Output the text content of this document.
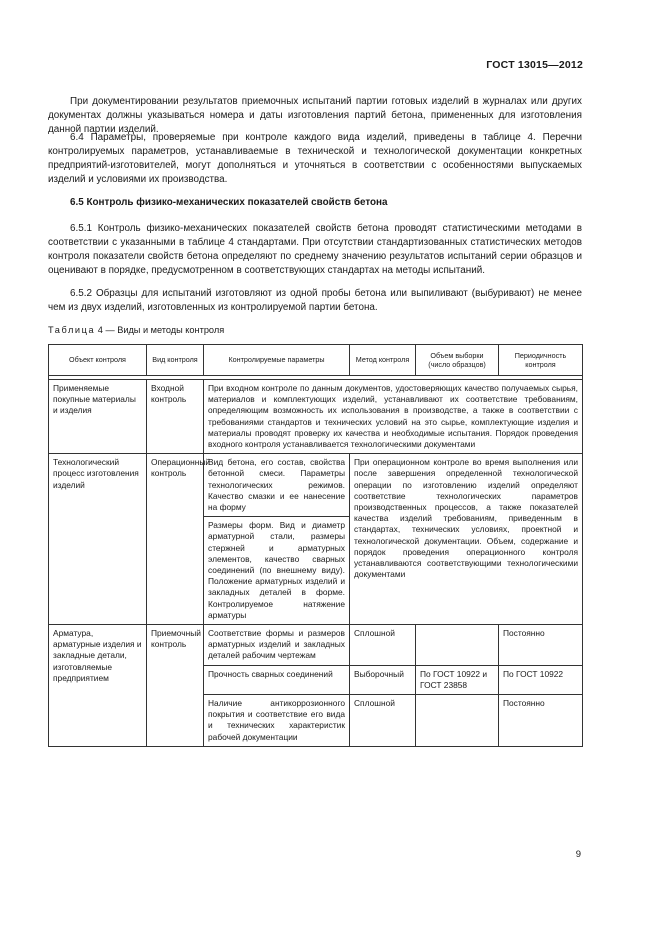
ГОСТ 13015—2012

При документировании результатов приемочных испытаний партии готовых изделий в журналах или других документах должны указываться номера и даты изготовления партий бетона, примененных для изготовления данной партии изделий.

6.4 Параметры, проверяемые при контроле каждого вида изделий, приведены в таблице 4. Перечни контролируемых параметров, устанавливаемые в технической и технологической документации конкретных предприятий-изготовителей, могут дополняться и уточняться в соответствии с особенностями выпускаемых изделий и условиями их производства.

6.5 Контроль физико-механических показателей свойств бетона

6.5.1 Контроль физико-механических показателей свойств бетона проводят статистическими методами в соответствии с указанными в таблице 4 стандартами. При отсутствии стандартизованных статистических методов контроля показатели свойств бетона определяют по среднему значению результатов испытаний серии образцов и оценивают в порядке, предусмотренном в соответствующих стандартах на методы испытаний.

6.5.2 Образцы для испытаний изготовляют из одной пробы бетона или выпиливают (выбуривают) не менее чем из двух изделий, изготовленных из контролируемой партии бетона.

Таблица 4 — Виды и методы контроля
Объект контроля	Вид контроля	Контролируемые параметры	Метод контроля	Объем выборки (число образцов)	Периодичность контроля

Применяемые покупные материалы и изделия	Входной контроль	При входном контроле по данным документов, удостоверяющих качество получаемых сырья, материалов и комплектующих изделий, устанавливают их соответствие требованиям, определяющим возможность их использования в производстве, а также в соответствии с требованиями стандартов и технических условий на это сырье, комплектующие изделия и материалы проводят проверку их качества и необходимые испытания. Порядок проведения входного контроля устанавливается технологическими документами			
Технологический процесс изготовления изделий	Операционный контроль	Вид бетона, его состав, свойства бетонной смеси. Параметры технологических режимов. Качество смазки и ее нанесение на форму	При операционном контроле во время выполнения или после завершения определенной технологической операции по изготовлению изделий определяют соответствие технологических параметров производственных процессов, а также показателей качества изделий требованиям, приведенным в стандартах, технических условиях, проектной и технологической документации. Объем, содержание и порядок проведения операционного контроля устанавливаются соответствующими технологическими документами		
		Размеры форм. Вид и диаметр арматурной стали, размеры стержней и арматурных элементов, качество сварных соединений (по внешнему виду). Положение арматурных изделий и закладных деталей в форме. Контролируемое натяжение арматуры			
Арматура, арматурные изделия и закладные детали, изготовляемые предприятием	Приемочный контроль	Соответствие формы и размеров арматурных изделий и закладных деталей рабочим чертежам	Сплошной		Постоянно
		Прочность сварных соединений	Выборочный	По ГОСТ 10922 и ГОСТ 23858	По ГОСТ 10922
		Наличие антикоррозионного покрытия и соответствие его вида и технических характеристик рабочей документации	Сплошной		Постоянно
9
